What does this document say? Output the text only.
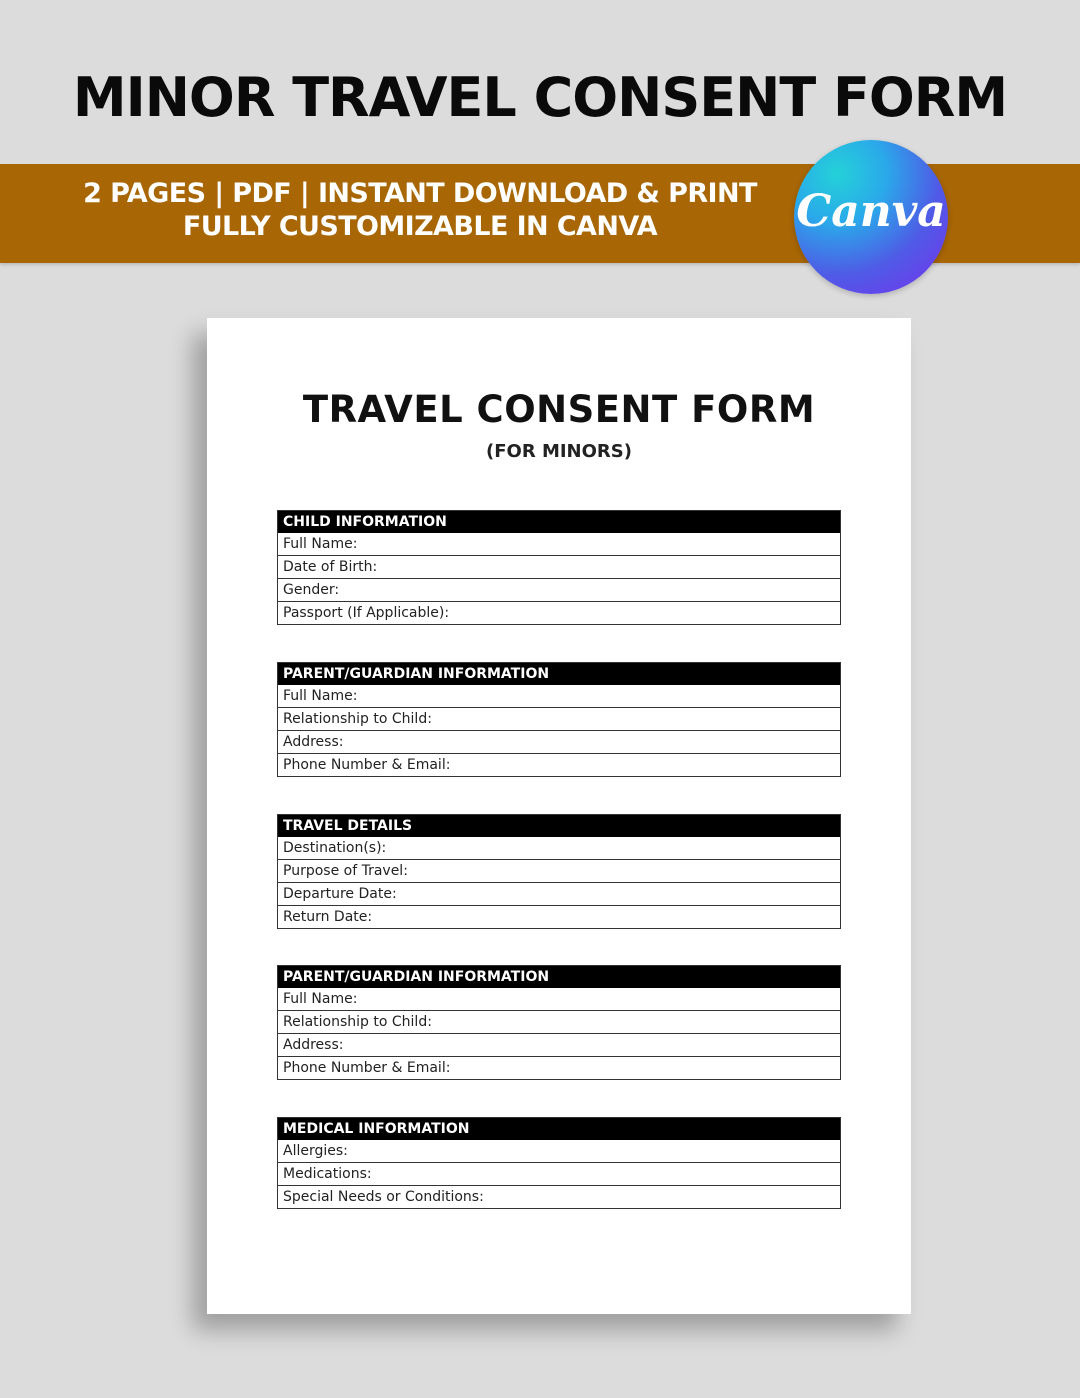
MINOR TRAVEL CONSENT FORM
2 PAGES | PDF | INSTANT DOWNLOAD & PRINT
FULLY CUSTOMIZABLE IN CANVA	Canva
TRAVEL CONSENT FORM
(FOR MINORS)
CHILD INFORMATION
Full Name:
Date of Birth:
Gender:
Passport (If Applicable):
PARENT/GUARDIAN INFORMATION
Full Name:
Relationship to Child:
Address:
Phone Number & Email:
TRAVEL DETAILS
Destination(s):
Purpose of Travel:
Departure Date:
Return Date:
PARENT/GUARDIAN INFORMATION
Full Name:
Relationship to Child:
Address:
Phone Number & Email:
MEDICAL INFORMATION
Allergies:
Medications:
Special Needs or Conditions:
